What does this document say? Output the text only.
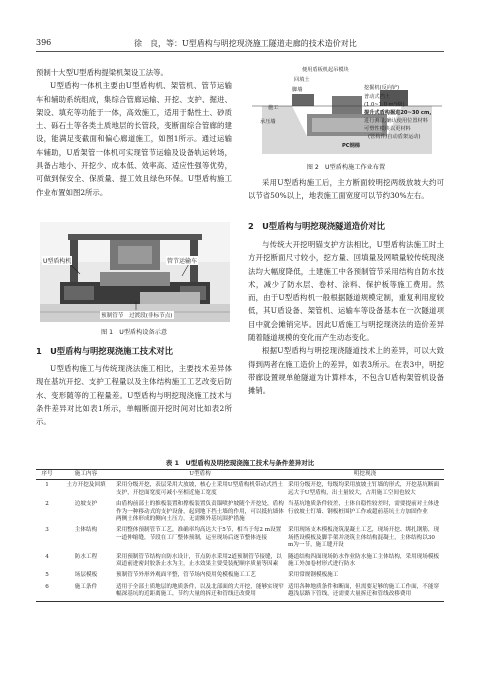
396	徐　良，等：U型盾构与明挖现浇施工隧道走廊的技术造价对比

预制十大型U型盾构提梁机架设工法等。

U型盾构一体机主要由U型盾构机、架管机、管节运输车和辅助系统组成，集综合管廊运输、开挖、支护、掘进、架设、填充等功能于一体，高效施工，适用于黏性土、砂质土、砾石土等各类土质地层的长管段，变断面综合管廊的建设，能满足变截面和偏心廊道施工，如图1所示。通过运输车辅助，U盾架管一体机可实现管节运输及设备轨运转场，具备占地小、开挖少、成本低、效率高、适应性强等优势，可做到保安全、保质量、提工效且绿色环保。U型盾构施工作业布置如图2所示。

U型盾构机	管节运输车
预制管节　过渡段(非标节点)
图 1　U型盾构设备示意
1　U型盾构与明挖现浇施工技术对比

U型盾构施工与传统现浇法施工相比，主要技术差异体现在基坑开挖、支护工程量以及主体结构施工工艺改变后防水、变形随等的工程量差。U型盾构与明挖现浇施工技术与条件差异对比如表1所示，单幅断面开挖时间对比如表2所示。

便用盾板机起吊模块
回填土
脚墙	挖掘机(反向铲)
施工
普动式挡土
(1.0~1.0 m³/级)
提升式盾构掘进20~30 cm,
承压墙	进行测量,确认使用位置材料
可塑性模块以更材料
PC钢梯
(管构件/自动盾架运动)
图 2　U型盾构施工作业布置

采用U型盾构施工后，主方断面较明挖两级放坡大约可以节省50%以上，地表施工面宽度可以节约30%左右。

2　U型盾构与明挖现浇隧道造价对比

与传统大开挖明锚支护方法相比，U型盾构法施工时土方开挖断面尺寸较小，挖方量、回填量及网喷量较传统现浇法均大幅度降低，土建施工中各预制管节采用结构自防水技术，减少了防水层、卷材、涂料、保护板等施工费用。然而，由于U型盾构机一般根据隧道规模定制，重复利用度较低，其U盾设备、架管机、运输车等设备基本在一次隧道项目中就会摊销完毕。因此U盾施工与明挖现浇法的造价差异随着隧道规模的变化而产生动态变化。

根据U型盾构与明挖现浇隧道技术上的差异，可以大致得到两者在施工造价上的差异，如表3所示。在表3中，明挖带廊设置规单舱隧道为计算样本，不包含U盾构架管机设备摊销。

表 1　U型盾构及明挖现浇施工技术与条件差异对比
序号	施工内容	U型盾构	明挖现浇
1	土方开挖及回填	采用分级开挖，表层采用大放坡，核心土采用U型盾构机带动式挡土支护，开挖面宽度可减小至相近施工宽度	采用分级开挖，每级均采用放坡土钉墙的形式，开挖基坑断面远大于U型盾构，出土量较大，占用施工空间也较大
2	边坡支护	由盾构前部土的推板装置和撑板装置负责锚喷护坡随个开挖处，盾构作为一种移动式的支护设备，起到地下挡土墙的作用，可以抵抗墙体两侧土体形成的侧向土压力，无需额外基坑围护措施	当基坑地质条件较差，土体自稳性较差时，需要提前对土体进行放坡土钉墙、钢板桩围护工作或超前基坑土方加固作业
3	主体结构	采用整体预制管节工艺，准确率均高达大于5节，相当于每2 m设置一道伸缩缝，节段在工厂整体预制，运至现场后逐节整体连接	采用现场支木模板浇筑混凝土工艺，现场开挖、绑扎钢筋，现场搭设模板及脚手架并浇筑主体结构混凝土，主体结构以30 m为一节，施工缝开设
4	防水工程	采用预制管节结构自防水设计，节点防水采用2道预制管节接缝，以双道前进密封胶条止水为主，止水效果主要受装配顺序质量等因素	隧道结构四面现场防水作业防水施工主体结构，采用现场模板施工外加卷材形式进行防水
5	场层模板	预制管节外形外观面平整，管节场内使用免模板施工工艺	采用常规钢模板施工
6	施工条件	适用于全部土质地层的地质条件，以及北部面的大开挖，能够实现窄幅深基坑的近距离施工，节约大量的拆迁和管线迁改费用	适用各种地质条件和断面，但需要足够的施工工作面，不能穿越浅层路下管线，还需要大量拆迁和管线改移费用
